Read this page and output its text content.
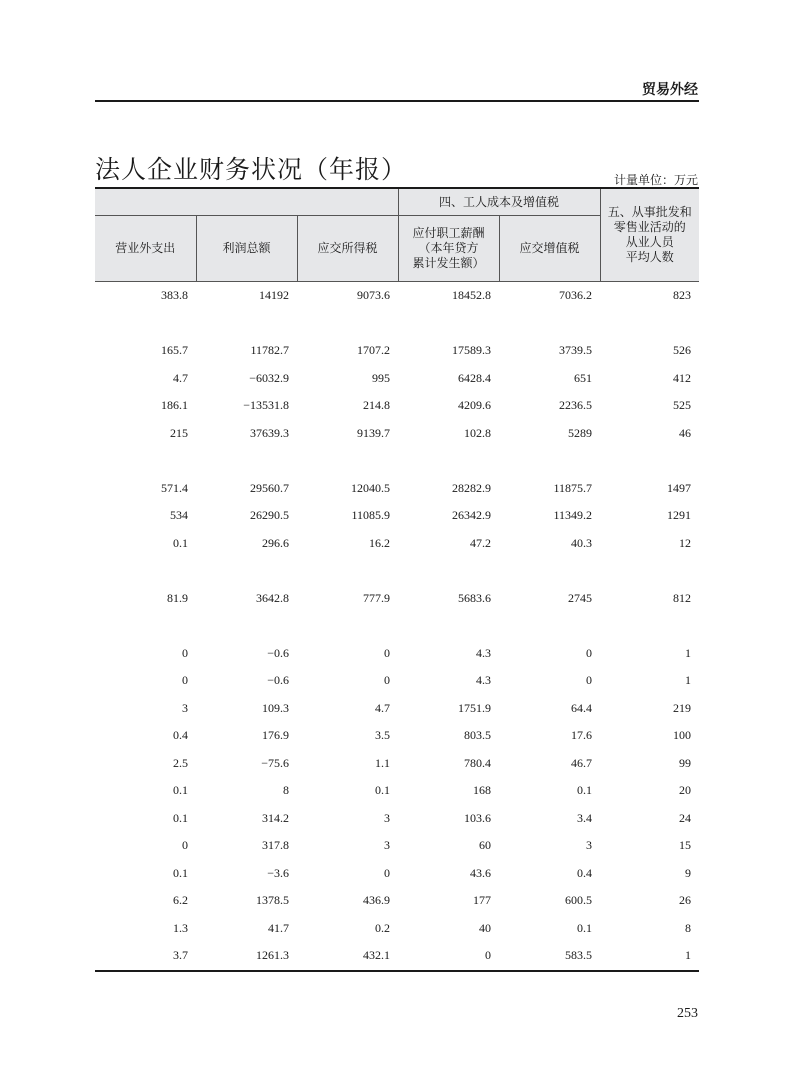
贸易外经
法人企业财务状况（年报）	计量单位：万元
			四、工人成本及增值税		五、从事批发和
零售业活动的
从业人员
平均人数

营业外支出	利润总额	应交所得税	应付职工薪酬
（本年贷方
累计发生额）	应交增值税	
383.8	14192	9073.6	18452.8	7036.2	823

165.7	11782.7	1707.2	17589.3	3739.5	526
4.7	−6032.9	995	6428.4	651	412
186.1	−13531.8	214.8	4209.6	2236.5	525
215	37639.3	9139.7	102.8	5289	46

571.4	29560.7	12040.5	28282.9	11875.7	1497
534	26290.5	11085.9	26342.9	11349.2	1291
0.1	296.6	16.2	47.2	40.3	12

81.9	3642.8	777.9	5683.6	2745	812

0	−0.6	0	4.3	0	1
0	−0.6	0	4.3	0	1
3	109.3	4.7	1751.9	64.4	219
0.4	176.9	3.5	803.5	17.6	100
2.5	−75.6	1.1	780.4	46.7	99
0.1	8	0.1	168	0.1	20
0.1	314.2	3	103.6	3.4	24
0	317.8	3	60	3	15
0.1	−3.6	0	43.6	0.4	9
6.2	1378.5	436.9	177	600.5	26
1.3	41.7	0.2	40	0.1	8
3.7	1261.3	432.1	0	583.5	1
253
